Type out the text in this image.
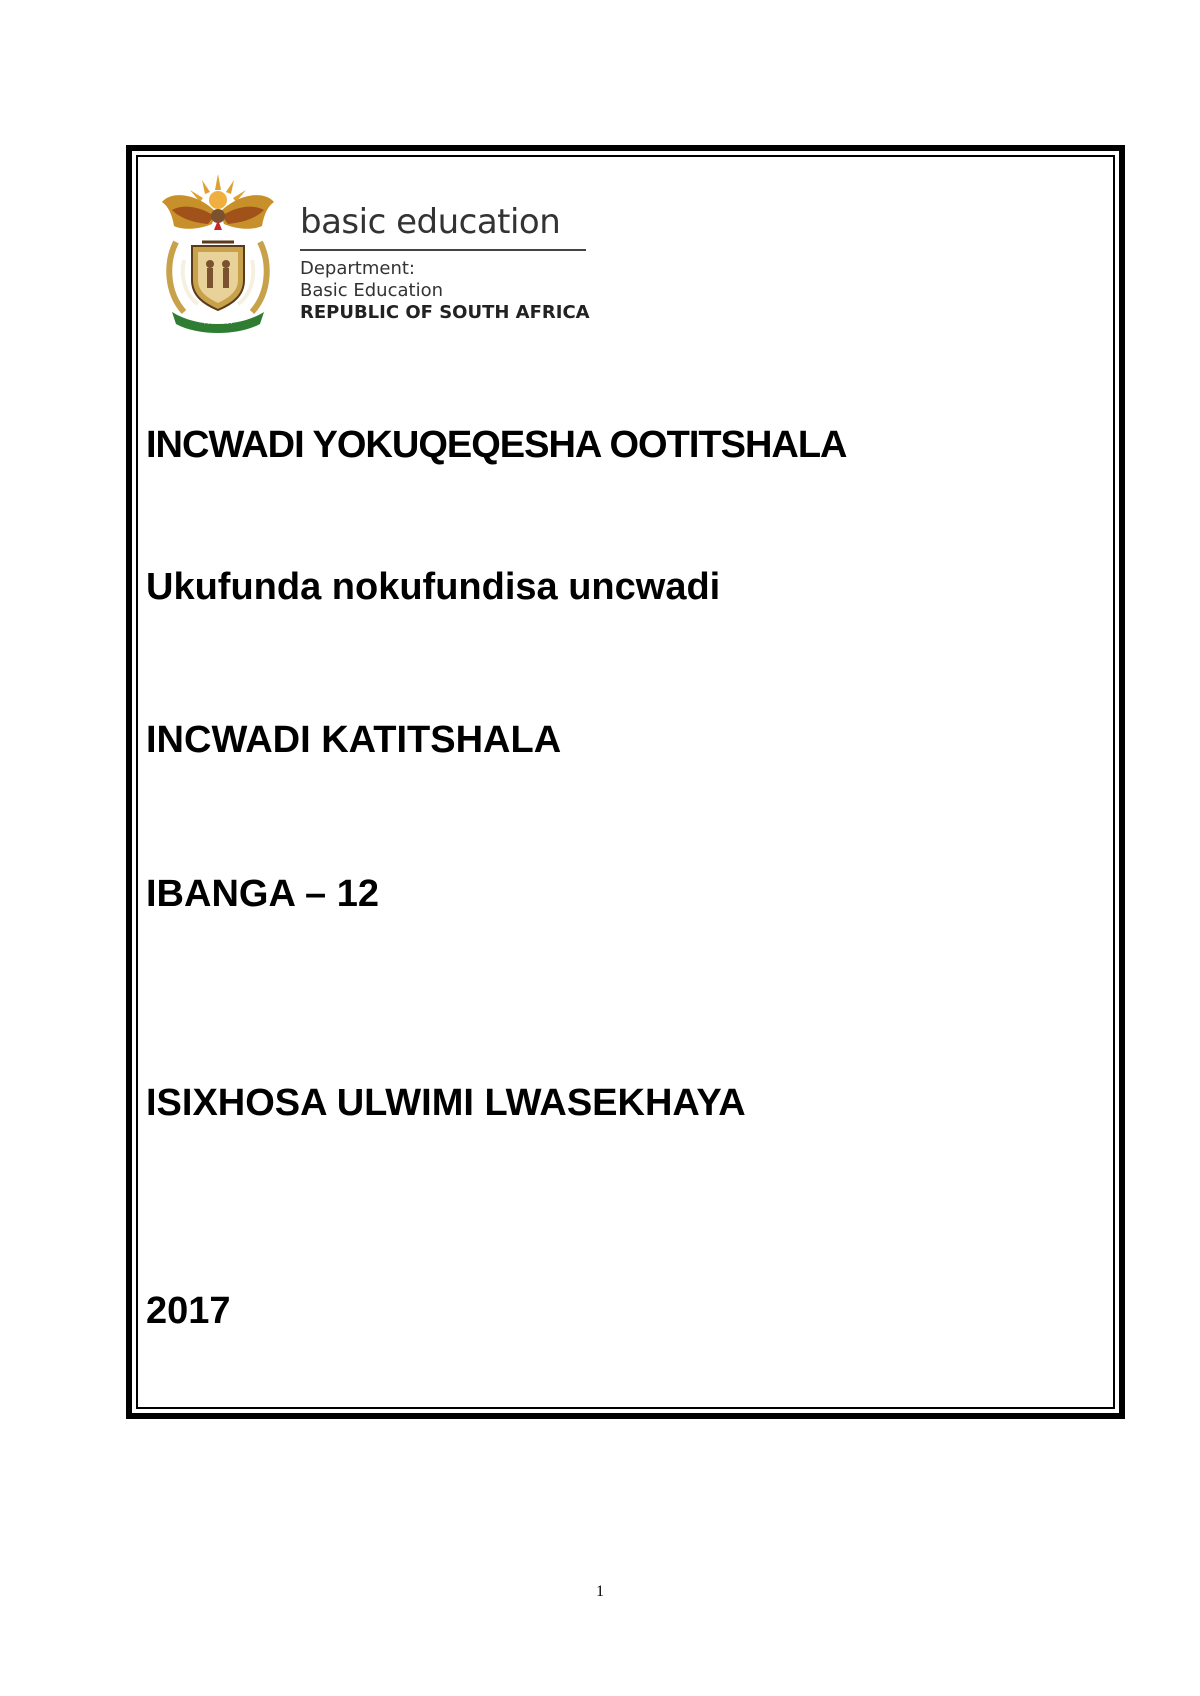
· · · · · · · ·
basic education
Department:
Basic Education
REPUBLIC OF SOUTH AFRICA
INCWADI YOKUQEQESHA OOTITSHALA
Ukufunda nokufundisa uncwadi
INCWADI KATITSHALA
IBANGA – 12
ISIXHOSA ULWIMI LWASEKHAYA
2017
1
